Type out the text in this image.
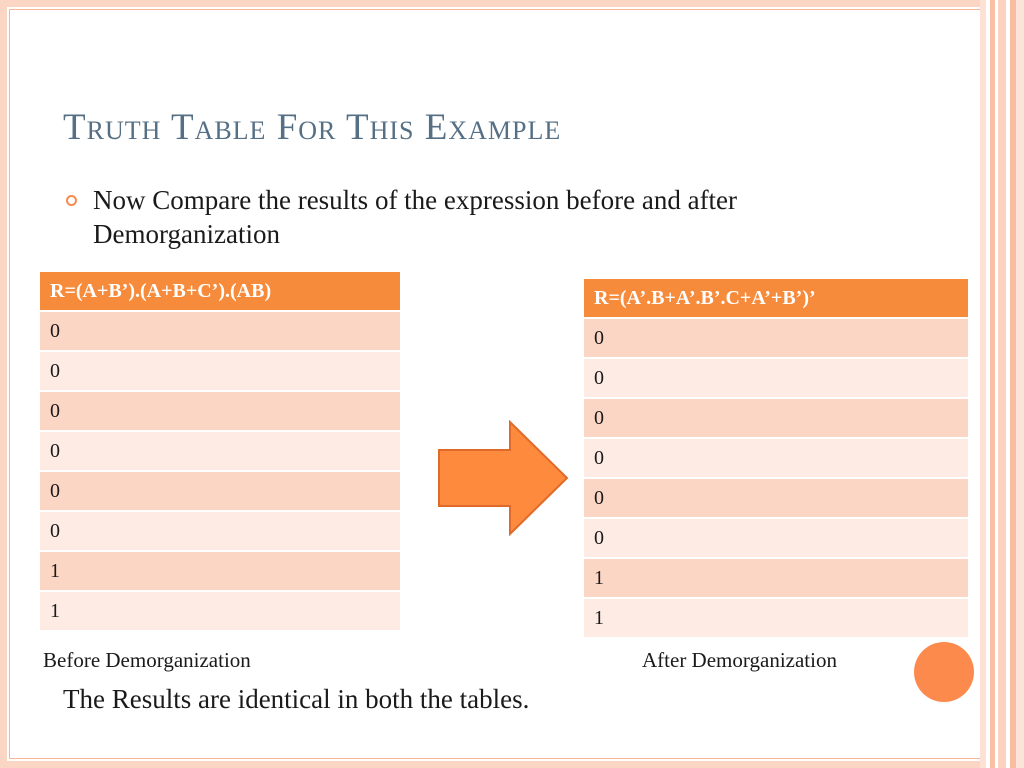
Truth Table For This Example

Now Compare the results of the expression before and after Demorganization

R=(A+B’).(A+B+C’).(AB)
0
0
0
0
0
0
1
1
R=(A’.B+A’.B’.C+A’+B’)’
0
0
0
0
0
0
1
1

Before Demorganization	After Demorganization

The Results are identical in both the tables.
